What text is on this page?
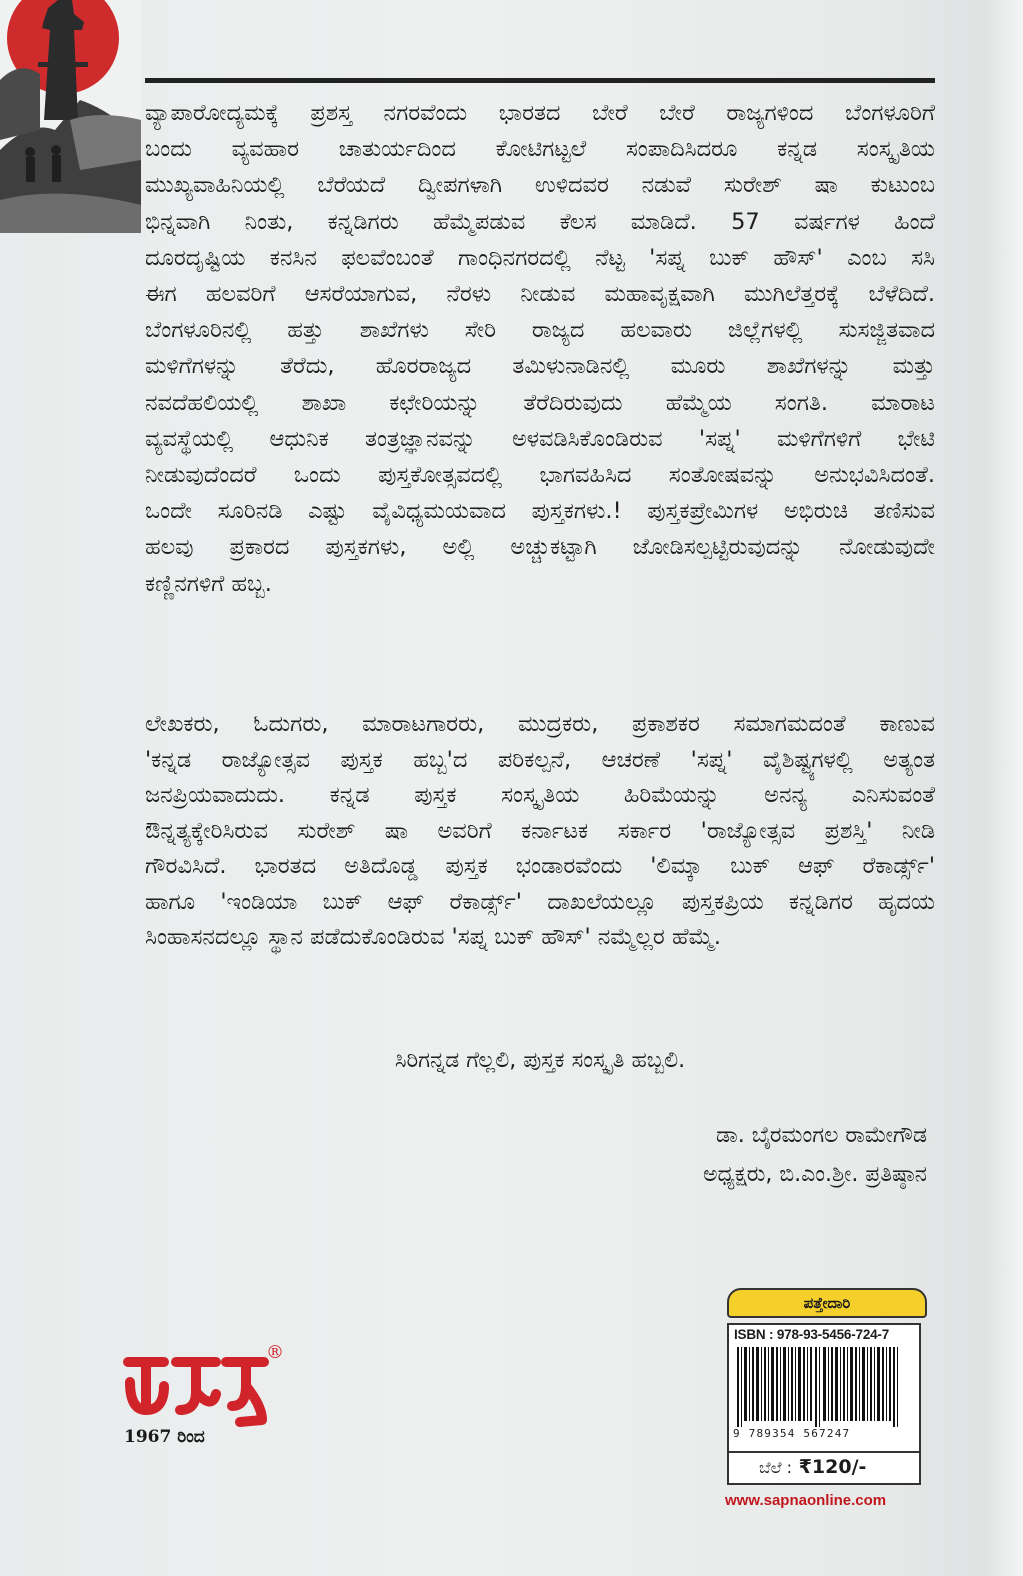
ವ್ಯಾಪಾರೋದ್ಯಮಕ್ಕೆ ಪ್ರಶಸ್ತ ನಗರವೆಂದು ಭಾರತದ ಬೇರೆ ಬೇರೆ ರಾಜ್ಯಗಳಿಂದ ಬೆಂಗಳೂರಿಗೆ
ಬಂದು ವ್ಯವಹಾರ ಚಾತುರ್ಯದಿಂದ ಕೋಟಿಗಟ್ಟಲೆ ಸಂಪಾದಿಸಿದರೂ ಕನ್ನಡ ಸಂಸ್ಕೃತಿಯ
ಮುಖ್ಯವಾಹಿನಿಯಲ್ಲಿ ಬೆರೆಯದೆ ದ್ವೀಪಗಳಾಗಿ ಉಳಿದವರ ನಡುವೆ ಸುರೇಶ್ ಷಾ ಕುಟುಂಬ
ಭಿನ್ನವಾಗಿ ನಿಂತು, ಕನ್ನಡಿಗರು ಹೆಮ್ಮೆಪಡುವ ಕೆಲಸ ಮಾಡಿದೆ. 57 ವರ್ಷಗಳ ಹಿಂದೆ
ದೂರದೃಷ್ಟಿಯ ಕನಸಿನ ಫಲವೆಂಬಂತೆ ಗಾಂಧಿನಗರದಲ್ಲಿ ನೆಟ್ಟ 'ಸಪ್ನ ಬುಕ್ ಹೌಸ್' ಎಂಬ ಸಸಿ
ಈಗ ಹಲವರಿಗೆ ಆಸರೆಯಾಗುವ, ನೆರಳು ನೀಡುವ ಮಹಾವೃಕ್ಷವಾಗಿ ಮುಗಿಲೆತ್ತರಕ್ಕೆ ಬೆಳೆದಿದೆ.
ಬೆಂಗಳೂರಿನಲ್ಲಿ ಹತ್ತು ಶಾಖೆಗಳು ಸೇರಿ ರಾಜ್ಯದ ಹಲವಾರು ಜಿಲ್ಲೆಗಳಲ್ಲಿ ಸುಸಜ್ಜಿತವಾದ
ಮಳಿಗೆಗಳನ್ನು ತೆರೆದು, ಹೊರರಾಜ್ಯದ ತಮಿಳುನಾಡಿನಲ್ಲಿ ಮೂರು ಶಾಖೆಗಳನ್ನು ಮತ್ತು
ನವದೆಹಲಿಯಲ್ಲಿ ಶಾಖಾ ಕಛೇರಿಯನ್ನು ತೆರೆದಿರುವುದು ಹೆಮ್ಮೆಯ ಸಂಗತಿ. ಮಾರಾಟ
ವ್ಯವಸ್ಥೆಯಲ್ಲಿ ಆಧುನಿಕ ತಂತ್ರಜ್ಞಾನವನ್ನು ಅಳವಡಿಸಿಕೊಂಡಿರುವ 'ಸಪ್ನ' ಮಳಿಗೆಗಳಿಗೆ ಭೇಟಿ
ನೀಡುವುದೆಂದರೆ ಒಂದು ಪುಸ್ತಕೋತ್ಸವದಲ್ಲಿ ಭಾಗವಹಿಸಿದ ಸಂತೋಷವನ್ನು ಅನುಭವಿಸಿದಂತೆ.
ಒಂದೇ ಸೂರಿನಡಿ ಎಷ್ಟು ವೈವಿಧ್ಯಮಯವಾದ ಪುಸ್ತಕಗಳು.! ಪುಸ್ತಕಪ್ರೇಮಿಗಳ ಅಭಿರುಚಿ ತಣಿಸುವ
ಹಲವು ಪ್ರಕಾರದ ಪುಸ್ತಕಗಳು, ಅಲ್ಲಿ ಅಚ್ಚುಕಟ್ಟಾಗಿ ಜೋಡಿಸಲ್ಪಟ್ಟಿರುವುದನ್ನು ನೋಡುವುದೇ
ಕಣ್ಣಿನಗಳಿಗೆ ಹಬ್ಬ.
ಲೇಖಕರು, ಓದುಗರು, ಮಾರಾಟಗಾರರು, ಮುದ್ರಕರು, ಪ್ರಕಾಶಕರ ಸಮಾಗಮದಂತೆ ಕಾಣುವ
'ಕನ್ನಡ ರಾಜ್ಯೋತ್ಸವ ಪುಸ್ತಕ ಹಬ್ಬ'ದ ಪರಿಕಲ್ಪನೆ, ಆಚರಣೆ 'ಸಪ್ನ' ವೈಶಿಷ್ಟ್ಯಗಳಲ್ಲಿ ಅತ್ಯಂತ
ಜನಪ್ರಿಯವಾದುದು. ಕನ್ನಡ ಪುಸ್ತಕ ಸಂಸ್ಕೃತಿಯ ಹಿರಿಮೆಯನ್ನು ಅನನ್ಯ ಎನಿಸುವಂತೆ
ಔನ್ನತ್ಯಕ್ಕೇರಿಸಿರುವ ಸುರೇಶ್ ಷಾ ಅವರಿಗೆ ಕರ್ನಾಟಕ ಸರ್ಕಾರ 'ರಾಜ್ಯೋತ್ಸವ ಪ್ರಶಸ್ತಿ' ನೀಡಿ
ಗೌರವಿಸಿದೆ. ಭಾರತದ ಅತಿದೊಡ್ಡ ಪುಸ್ತಕ ಭಂಡಾರವೆಂದು 'ಲಿಮ್ಕಾ ಬುಕ್ ಆಫ್ ರೆಕಾರ್ಡ್ಸ್'
ಹಾಗೂ 'ಇಂಡಿಯಾ ಬುಕ್ ಆಫ್ ರೆಕಾರ್ಡ್ಸ್' ದಾಖಲೆಯಲ್ಲೂ ಪುಸ್ತಕಪ್ರಿಯ ಕನ್ನಡಿಗರ ಹೃದಯ
ಸಿಂಹಾಸನದಲ್ಲೂ ಸ್ಥಾನ ಪಡೆದುಕೊಂಡಿರುವ 'ಸಪ್ನ ಬುಕ್ ಹೌಸ್' ನಮ್ಮೆಲ್ಲರ ಹೆಮ್ಮೆ.

ಸಿರಿಗನ್ನಡ ಗೆಲ್ಲಲಿ, ಪುಸ್ತಕ ಸಂಸ್ಕೃತಿ ಹಬ್ಬಲಿ.

ಡಾ. ಬೈರಮಂಗಲ ರಾಮೇಗೌಡ

ಅಧ್ಯಕ್ಷರು, ಬಿ.ಎಂ.ಶ್ರೀ. ಪ್ರತಿಷ್ಠಾನ

®
1967 ರಿಂದ
ಪತ್ತೇದಾರಿ
ISBN : 978-93-5456-724-7
9 789354 567247
ಬೆಲೆ : ₹120/-
www.sapnaonline.com
